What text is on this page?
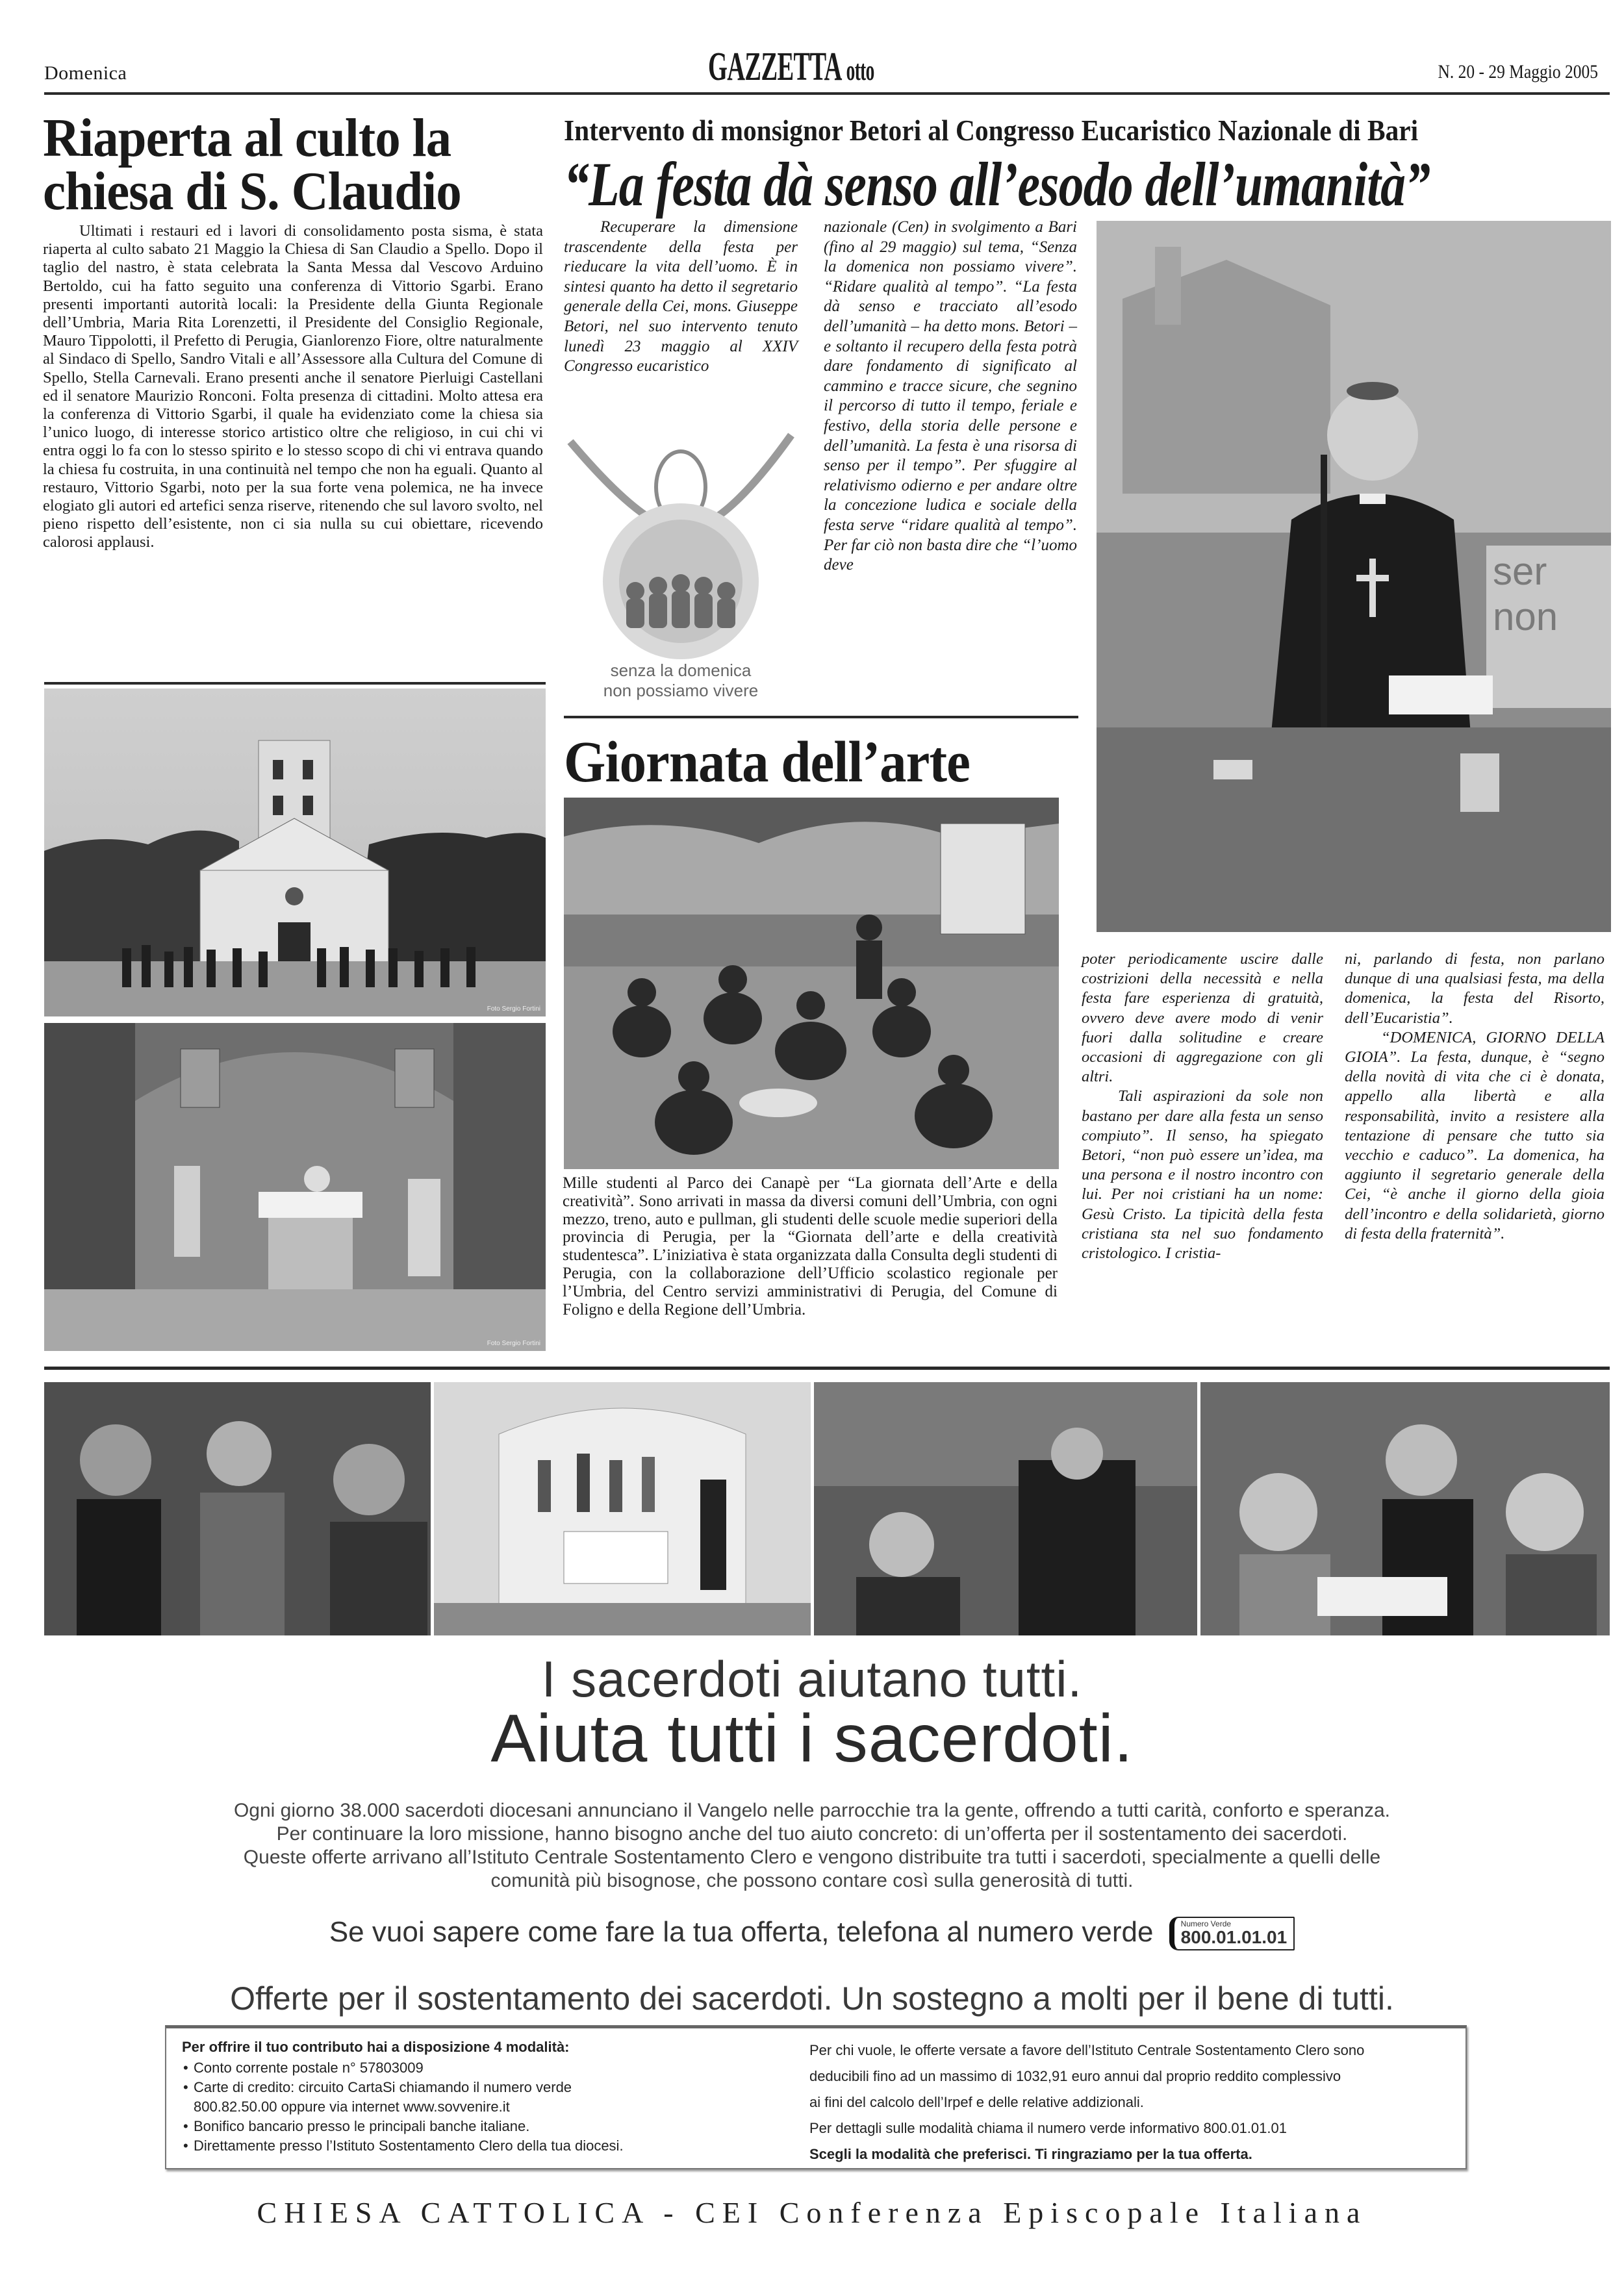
Domenica	GAZZETTA otto	N. 20 - 29 Maggio 2005
Riaperta al culto la chiesa di S. Claudio

Ultimati i restauri ed i lavori di consolidamento posta sisma, è stata riaperta al culto sabato 21 Maggio la Chiesa di San Claudio a Spello. Dopo il taglio del nastro, è stata celebrata la Santa Messa dal Vescovo Arduino Bertoldo, cui ha fatto seguito una conferenza di Vittorio Sgarbi. Erano presenti importanti autorità locali: la Presidente della Giunta Regionale dell’Umbria, Maria Rita Lorenzetti, il Presidente del Consiglio Regionale, Mauro Tippolotti, il Prefetto di Perugia, Gianlorenzo Fiore, oltre naturalmente al Sindaco di Spello, Sandro Vitali e all’Assessore alla Cultura del Comune di Spello, Stella Carnevali. Erano presenti anche il senatore Pierluigi Castellani ed il senatore Maurizio Ronconi. Folta presenza di cittadini. Molto attesa era la conferenza di Vittorio Sgarbi, il quale ha evidenziato come la chiesa sia l’unico luogo, di interesse storico artistico oltre che religioso, in cui chi vi entra oggi lo fa con lo stesso spirito e lo stesso scopo di chi vi entrava quando la chiesa fu costruita, in una continuità nel tempo che non ha eguali. Quanto al restauro, Vittorio Sgarbi, noto per la sua forte vena polemica, ne ha invece elogiato gli autori ed artefici senza riserve, ritenendo che sul lavoro svolto, nel pieno rispetto dell’esistente, non ci sia nulla su cui obiettare, ricevendo calorosi applausi.

Foto Sergio Fortini
Foto Sergio Fortini
Intervento di monsignor Betori al Congresso Eucaristico Nazionale di Bari
“La festa dà senso all’esodo dell’umanità”

Recuperare la dimensione trascendente della festa per rieducare la vita dell’uomo. È in sintesi quanto ha detto il segretario generale della Cei, mons. Giuseppe Betori, nel suo intervento tenuto lunedì 23 maggio al XXIV Congresso eucaristico

senza la domenica
non possiamo vivere

nazionale (Cen) in svolgimento a Bari (fino al 29 maggio) sul tema, “Senza la domenica non possiamo vivere”. “Ridare qualità al tempo”. “La festa dà senso e tracciato all’esodo dell’umanità – ha detto mons. Betori – e soltanto il recupero della festa potrà dare fondamento di significato al cammino e tracce sicure, che segnino il percorso di tutto il tempo, feriale e festivo, della storia delle persone e dell’umanità. La festa è una risorsa di senso per il tempo”. Per sfuggire al relativismo odierno e per andare oltre la concezione ludica e sociale della festa serve “ridare qualità al tempo”. Per far ciò non basta dire che “l’uomo deve	ser
non
Giornata dell’arte
Mille studenti al Parco dei Canapè per “La giornata dell’Arte e della creatività”. Sono arrivati in massa da diversi comuni dell’Umbria, con ogni mezzo, treno, auto e pullman, gli studenti delle scuole medie superiori della provincia di Perugia, per la “Giornata dell’arte e della creatività studentesca”. L’iniziativa è stata organizzata dalla Consulta degli studenti di Perugia, con la collaborazione dell’Ufficio scolastico regionale per l’Umbria, del Centro servizi amministrativi di Perugia, del Comune di Foligno e della Regione dell’Umbria.

poter periodicamente uscire dalle costrizioni della necessità e nella festa fare esperienza di gratuità, ovvero deve avere modo di venir fuori dalla solitudine e creare occasioni di aggregazione con gli altri.

Tali aspirazioni da sole non bastano per dare alla festa un senso compiuto”. Il senso, ha spiegato Betori, “non può essere un’idea, ma una persona e il nostro incontro con lui. Per noi cristiani ha un nome: Gesù Cristo. La tipicità della festa cristiana sta nel suo fondamento cristologico. I cristia-

ni, parlando di festa, non parlano dunque di una qualsiasi festa, ma della domenica, la festa del Risorto, dell’Eucaristia”.

“DOMENICA, GIORNO DELLA GIOIA”. La festa, dunque, è “segno della novità di vita che ci è donata, appello alla libertà e alla responsabilità, invito a resistere alla tentazione di pensare che tutto sia vecchio e caduco”. La domenica, ha aggiunto il segretario generale della Cei, “è anche il giorno della gioia dell’incontro e della solidarietà, giorno di festa della fraternità”.

I sacerdoti aiutano tutti.
Aiuta tutti i sacerdoti.
Ogni giorno 38.000 sacerdoti diocesani annunciano il Vangelo nelle parrocchie tra la gente, offrendo a tutti carità, conforto e speranza.
Per continuare la loro missione, hanno bisogno anche del tuo aiuto concreto: di un’offerta per il sostentamento dei sacerdoti.
Queste offerte arrivano all’Istituto Centrale Sostentamento Clero e vengono distribuite tra tutti i sacerdoti, specialmente a quelli delle
comunità più bisognose, che possono contare così sulla generosità di tutti.
Se vuoi sapere come fare la tua offerta, telefona al numero verde	Numero Verde
800.01.01.01
Offerte per il sostentamento dei sacerdoti. Un sostegno a molti per il bene di tutti.
Per offrire il tuo contributo hai a disposizione 4 modalità:
• Conto corrente postale n° 57803009
• Carte di credito: circuito CartaSi chiamando il numero verde
800.82.50.00 oppure via internet www.sovvenire.it
• Bonifico bancario presso le principali banche italiane.
• Direttamente presso l’Istituto Sostentamento Clero della tua diocesi.
Per chi vuole, le offerte versate a favore dell’Istituto Centrale Sostentamento Clero sono
deducibili fino ad un massimo di 1032,91 euro annui dal proprio reddito complessivo
ai fini del calcolo dell’Irpef e delle relative addizionali.
Per dettagli sulle modalità chiama il numero verde informativo 800.01.01.01
Scegli la modalità che preferisci. Ti ringraziamo per la tua offerta.
CHIESA CATTOLICA - CEI Conferenza Episcopale Italiana
